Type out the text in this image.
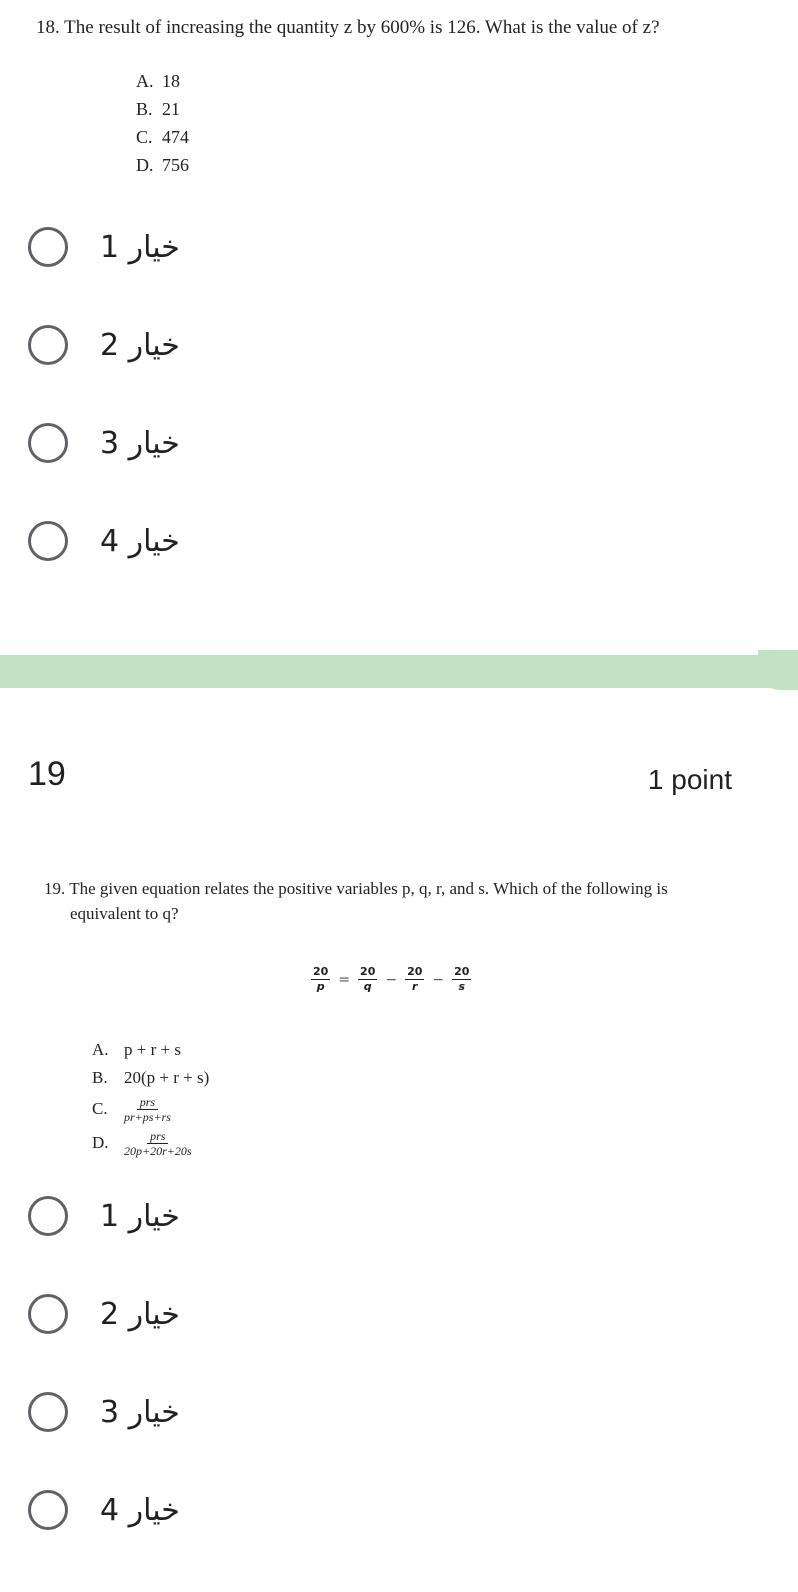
18. The result of increasing the quantity z by 600% is 126. What is the value of z?
A. 18
B. 21
C. 474
D. 756
خيار 1
خيار 2
خيار 3
خيار 4
19	1 point
19. The given equation relates the positive variables p, q, r, and s. Which of the following is
equivalent to q?
$\frac{20}{p} = \frac{20}{q} - \frac{20}{r} - \frac{20}{s}$
A. p + r + s
B. 20(p + r + s)
C.	prs
pr+ps+rs
D.	prs
20p+20r+20s
خيار 1
خيار 2
خيار 3
خيار 4
